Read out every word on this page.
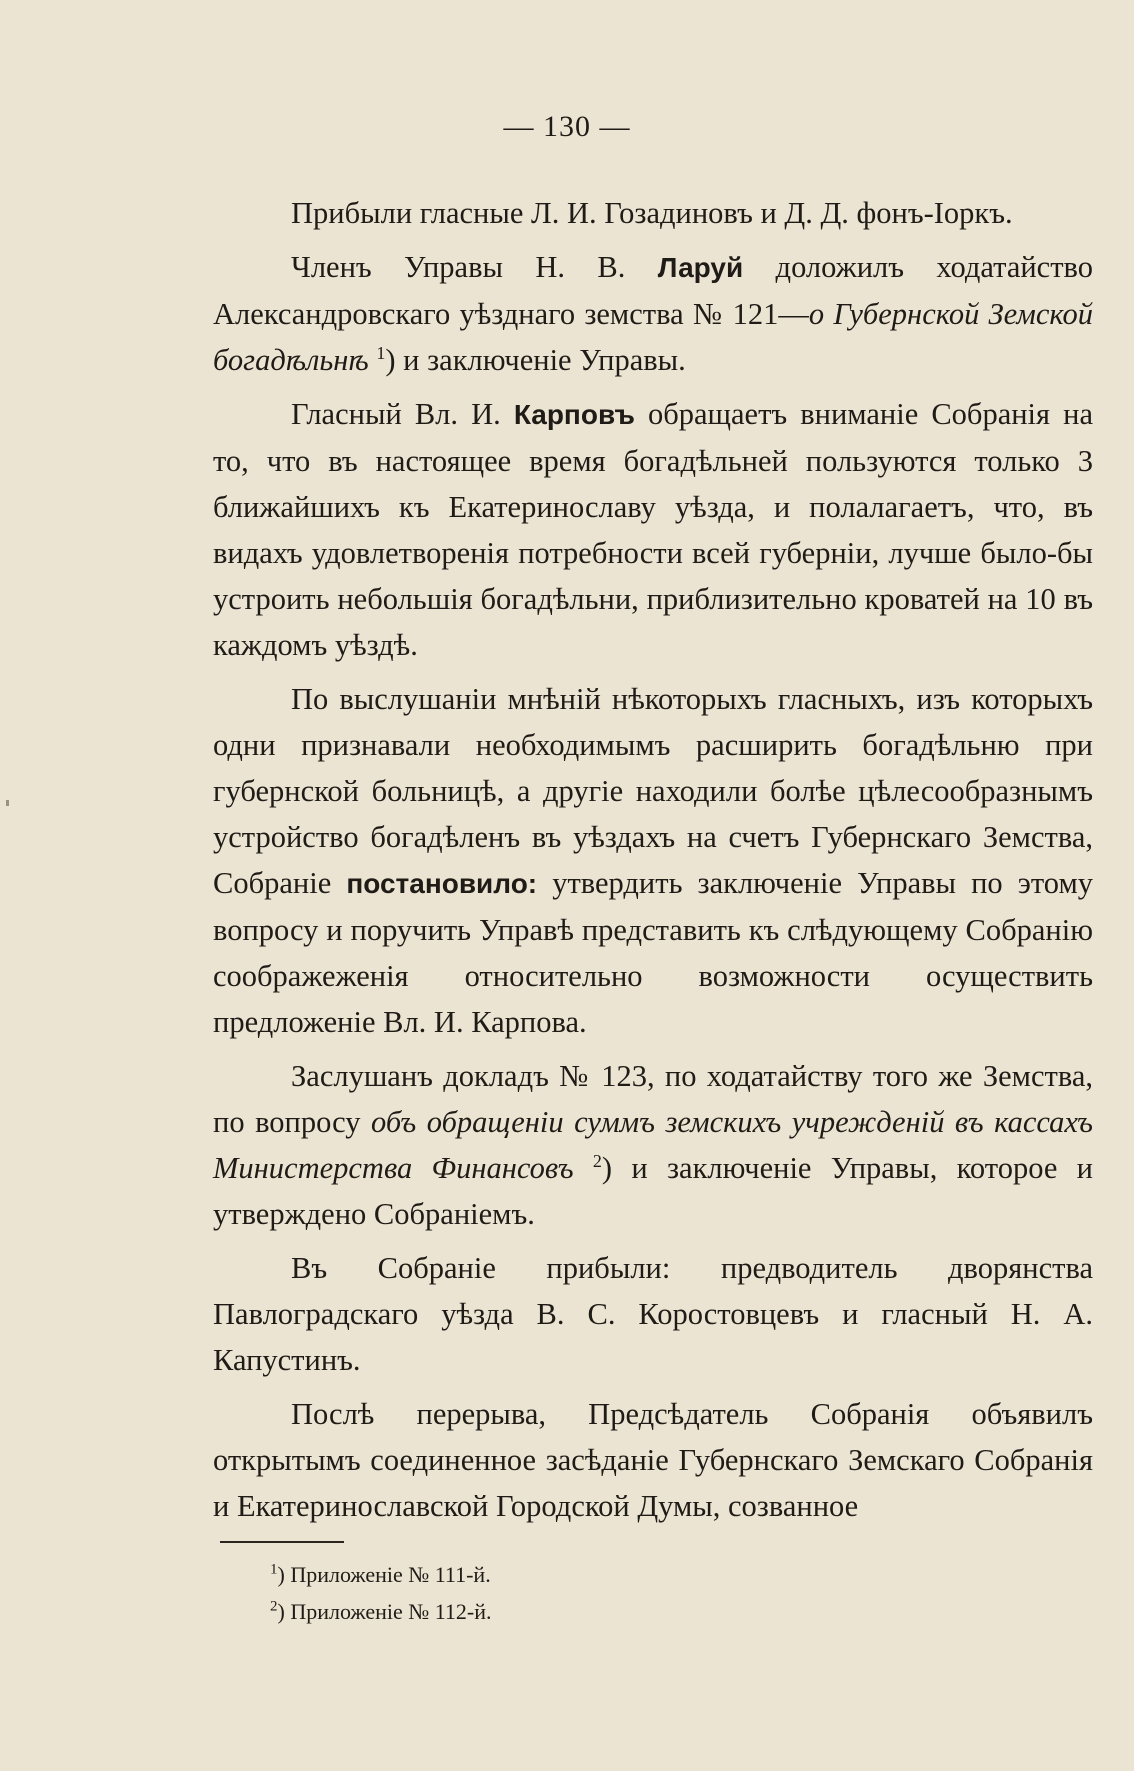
— 130 —

Прибыли гласные Л. И. Гозадиновъ и Д. Д. фонъ-Іоркъ.

Членъ Управы Н. В. Ларуй доложилъ ходатайство Александровскаго уѣзднаго земства № 121—о Губернской Земской богадѣльнѣ $^1$) и заключеніе Управы.

Гласный Вл. И. Карповъ обращаетъ вниманіе Собранія на то, что въ настоящее время богадѣльней пользуются только 3 ближайшихъ къ Екатеринославу уѣзда, и полалагаетъ, что, въ видахъ удовлетворенія потребности всей губерніи, лучше было-бы устроить небольшія богадѣльни, приблизительно кроватей на 10 въ каждомъ уѣздѣ.

По выслушаніи мнѣній нѣкоторыхъ гласныхъ, изъ которыхъ одни признавали необходимымъ расширить богадѣльню при губернской больницѣ, а другіе находили болѣе цѣлесообразнымъ устройство богадѣленъ въ уѣздахъ на счетъ Губернскаго Земства, Собраніе постановило: утвердить заключеніе Управы по этому вопросу и поручить Управѣ представить къ слѣдующему Собранію соображеженія относительно возможности осуществить предложеніе Вл. И. Карпова.

Заслушанъ докладъ № 123, по ходатайству того же Земства, по вопросу объ обращеніи суммъ земскихъ учрежденій въ кассахъ Министерства Финансовъ $^2$) и заключеніе Управы, которое и утверждено Собраніемъ.

Въ Собраніе прибыли: предводитель дворянства Павлоградскаго уѣзда В. С. Коростовцевъ и гласный Н. А. Капустинъ.

Послѣ перерыва, Предсѣдатель Собранія объявилъ открытымъ соединенное засѣданіе Губернскаго Земскаго Собранія и Екатеринославской Городской Думы, созванное

$^1$) Приложеніе № 111-й.
$^2$) Приложеніе № 112-й.
